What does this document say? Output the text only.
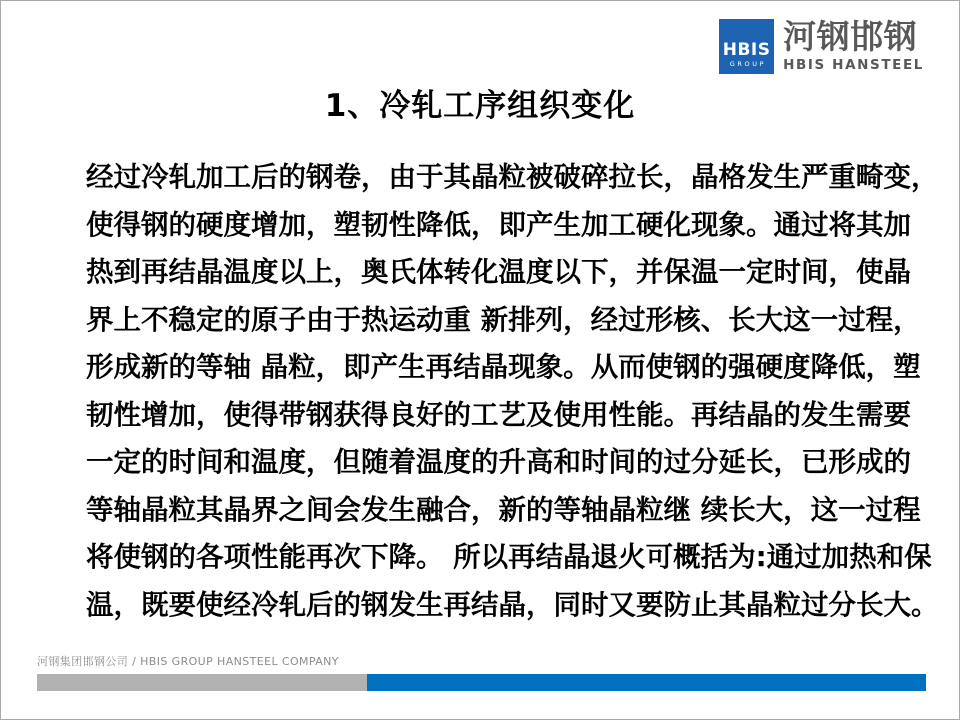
HBIS
GROUP
河钢邯钢
HBIS HANSTEEL
1、冷轧工序组织变化
经过冷轧加工后的钢卷，由于其晶粒被破碎拉长，晶格发生严重畸变，
使得钢的硬度增加，塑韧性降低，即产生加工硬化现象。通过将其加
热到再结晶温度以上，奥氏体转化温度以下，并保温一定时间，使晶
界上不稳定的原子由于热运动重 新排列，经过形核、长大这一过程，
形成新的等轴 晶粒，即产生再结晶现象。从而使钢的强硬度降低，塑
韧性增加，使得带钢获得良好的工艺及使用性能。再结晶的发生需要
一定的时间和温度，但随着温度的升高和时间的过分延长，已形成的
等轴晶粒其晶界之间会发生融合，新的等轴晶粒继 续长大，这一过程
将使钢的各项性能再次下降。 所以再结晶退火可概括为:通过加热和保
温，既要使经冷轧后的钢发生再结晶，同时又要防止其晶粒过分长大。
河钢集团邯钢公司 / HBIS GROUP HANSTEEL COMPANY
